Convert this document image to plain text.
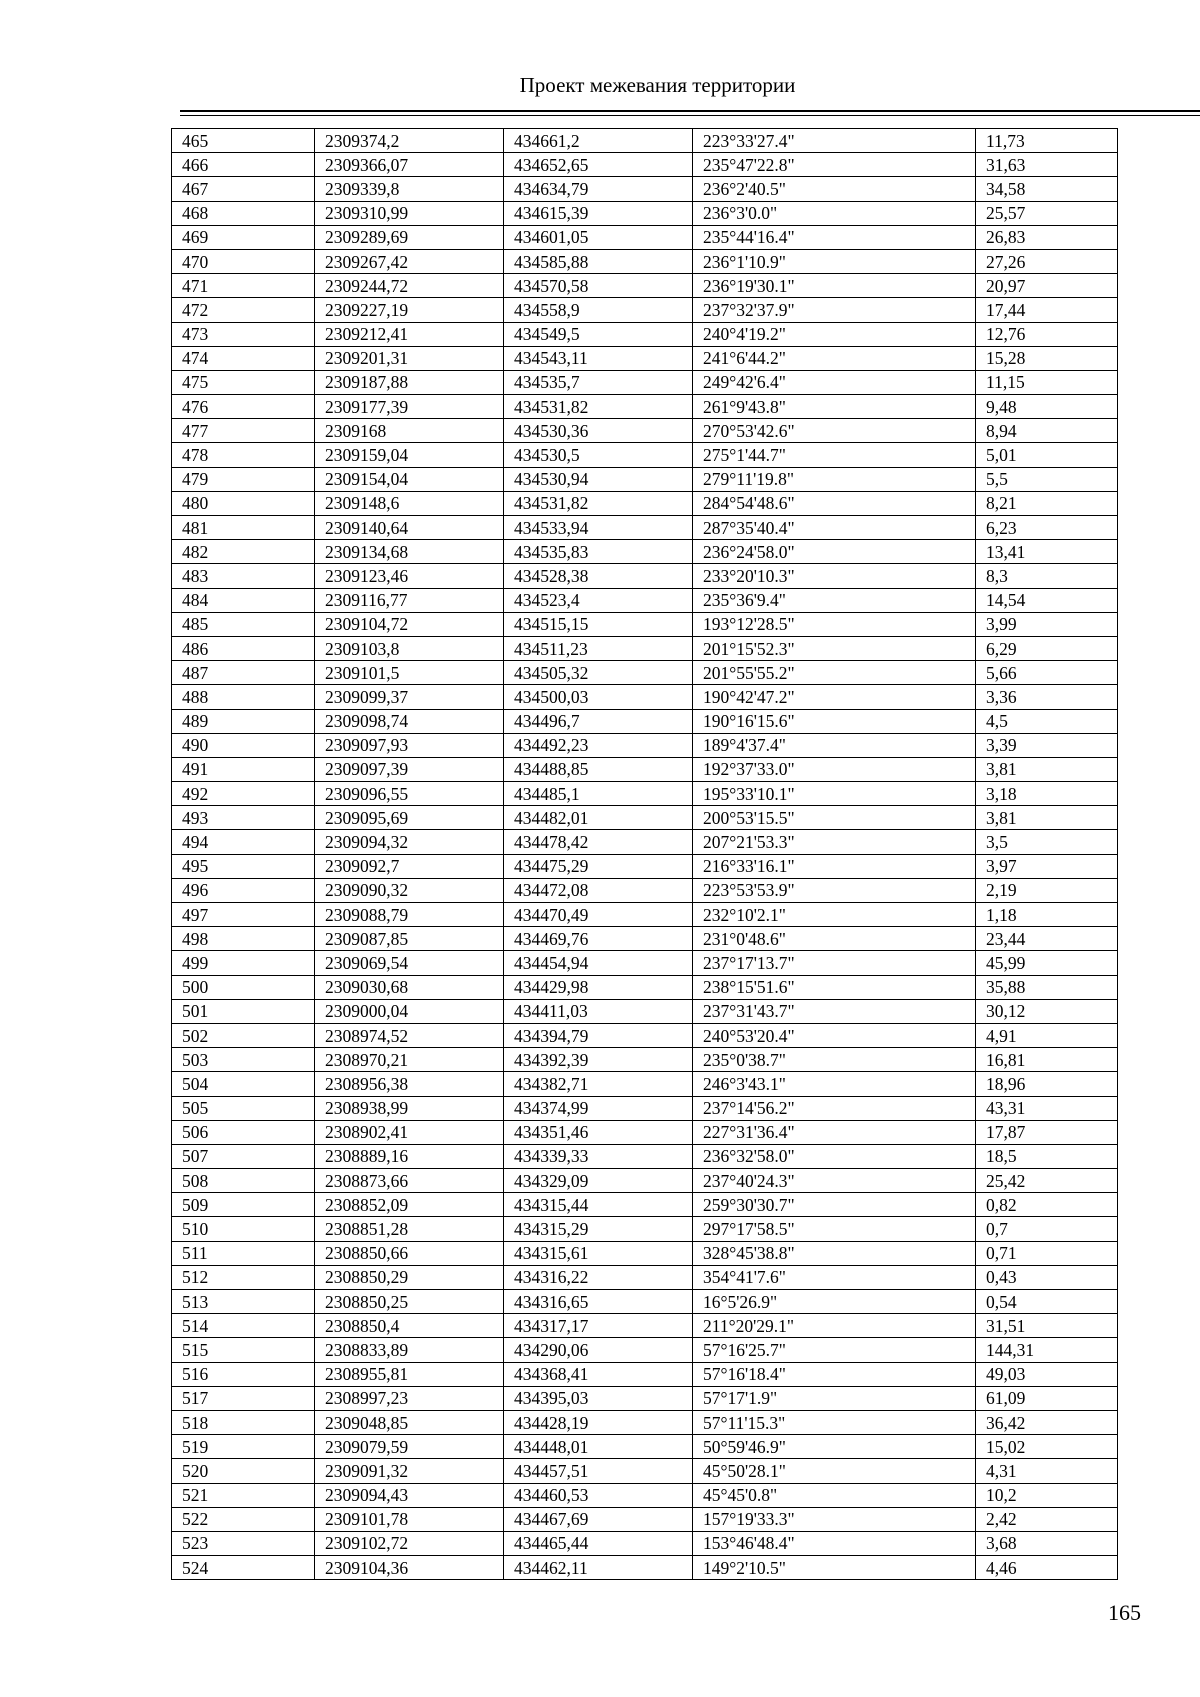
Проект межевания территории
465	2309374,2	434661,2	223°33'27.4"	11,73
466	2309366,07	434652,65	235°47'22.8"	31,63
467	2309339,8	434634,79	236°2'40.5"	34,58
468	2309310,99	434615,39	236°3'0.0"	25,57
469	2309289,69	434601,05	235°44'16.4"	26,83
470	2309267,42	434585,88	236°1'10.9"	27,26
471	2309244,72	434570,58	236°19'30.1"	20,97
472	2309227,19	434558,9	237°32'37.9"	17,44
473	2309212,41	434549,5	240°4'19.2"	12,76
474	2309201,31	434543,11	241°6'44.2"	15,28
475	2309187,88	434535,7	249°42'6.4"	11,15
476	2309177,39	434531,82	261°9'43.8"	9,48
477	2309168	434530,36	270°53'42.6"	8,94
478	2309159,04	434530,5	275°1'44.7"	5,01
479	2309154,04	434530,94	279°11'19.8"	5,5
480	2309148,6	434531,82	284°54'48.6"	8,21
481	2309140,64	434533,94	287°35'40.4"	6,23
482	2309134,68	434535,83	236°24'58.0"	13,41
483	2309123,46	434528,38	233°20'10.3"	8,3
484	2309116,77	434523,4	235°36'9.4"	14,54
485	2309104,72	434515,15	193°12'28.5"	3,99
486	2309103,8	434511,23	201°15'52.3"	6,29
487	2309101,5	434505,32	201°55'55.2"	5,66
488	2309099,37	434500,03	190°42'47.2"	3,36
489	2309098,74	434496,7	190°16'15.6"	4,5
490	2309097,93	434492,23	189°4'37.4"	3,39
491	2309097,39	434488,85	192°37'33.0"	3,81
492	2309096,55	434485,1	195°33'10.1"	3,18
493	2309095,69	434482,01	200°53'15.5"	3,81
494	2309094,32	434478,42	207°21'53.3"	3,5
495	2309092,7	434475,29	216°33'16.1"	3,97
496	2309090,32	434472,08	223°53'53.9"	2,19
497	2309088,79	434470,49	232°10'2.1"	1,18
498	2309087,85	434469,76	231°0'48.6"	23,44
499	2309069,54	434454,94	237°17'13.7"	45,99
500	2309030,68	434429,98	238°15'51.6"	35,88
501	2309000,04	434411,03	237°31'43.7"	30,12
502	2308974,52	434394,79	240°53'20.4"	4,91
503	2308970,21	434392,39	235°0'38.7"	16,81
504	2308956,38	434382,71	246°3'43.1"	18,96
505	2308938,99	434374,99	237°14'56.2"	43,31
506	2308902,41	434351,46	227°31'36.4"	17,87
507	2308889,16	434339,33	236°32'58.0"	18,5
508	2308873,66	434329,09	237°40'24.3"	25,42
509	2308852,09	434315,44	259°30'30.7"	0,82
510	2308851,28	434315,29	297°17'58.5"	0,7
511	2308850,66	434315,61	328°45'38.8"	0,71
512	2308850,29	434316,22	354°41'7.6"	0,43
513	2308850,25	434316,65	16°5'26.9"	0,54
514	2308850,4	434317,17	211°20'29.1"	31,51
515	2308833,89	434290,06	57°16'25.7"	144,31
516	2308955,81	434368,41	57°16'18.4"	49,03
517	2308997,23	434395,03	57°17'1.9"	61,09
518	2309048,85	434428,19	57°11'15.3"	36,42
519	2309079,59	434448,01	50°59'46.9"	15,02
520	2309091,32	434457,51	45°50'28.1"	4,31
521	2309094,43	434460,53	45°45'0.8"	10,2
522	2309101,78	434467,69	157°19'33.3"	2,42
523	2309102,72	434465,44	153°46'48.4"	3,68
524	2309104,36	434462,11	149°2'10.5"	4,46
165
